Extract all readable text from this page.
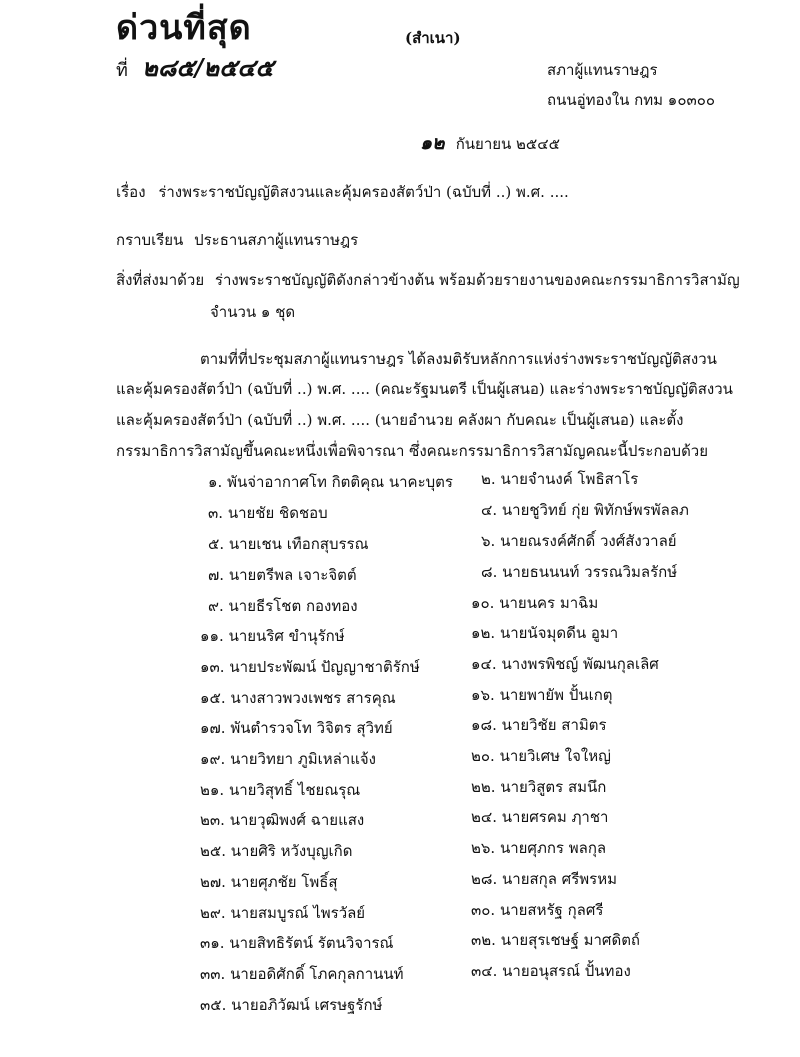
ด่วนที่สุด
ที่ ๒๘๕/๒๕๔๕
(สำเนา)
สภาผู้แทนราษฎร
ถนนอู่ทองใน กทม ๑๐๓๐๐
๑๒ กันยายน ๒๕๔๕
เรื่อง ร่างพระราชบัญญัติสงวนและคุ้มครองสัตว์ป่า (ฉบับที่ ..) พ.ศ. ....
กราบเรียน ประธานสภาผู้แทนราษฎร
สิ่งที่ส่งมาด้วย ร่างพระราชบัญญัติดังกล่าวข้างต้น พร้อมด้วยรายงานของคณะกรรมาธิการวิสามัญ
จำนวน ๑ ชุด
ตามที่ที่ประชุมสภาผู้แทนราษฎร ได้ลงมติรับหลักการแห่งร่างพระราชบัญญัติสงวน
และคุ้มครองสัตว์ป่า (ฉบับที่ ..) พ.ศ. .... (คณะรัฐมนตรี เป็นผู้เสนอ) และร่างพระราชบัญญัติสงวน
และคุ้มครองสัตว์ป่า (ฉบับที่ ..) พ.ศ. .... (นายอำนวย คลังผา กับคณะ เป็นผู้เสนอ) และตั้ง
กรรมาธิการวิสามัญขึ้นคณะหนึ่งเพื่อพิจารณา ซึ่งคณะกรรมาธิการวิสามัญคณะนี้ประกอบด้วย
๑. พันจ่าอากาศโท กิตติคุณ นาคะบุตร
๓. นายชัย ชิดชอบ
๕. นายเชน เทือกสุบรรณ
๗. นายตรีพล เจาะจิตต์
๙. นายธีรโชต กองทอง
๑๑. นายนริศ ขำนุรักษ์
๑๓. นายประพัฒน์ ปัญญาชาติรักษ์
๑๕. นางสาวพวงเพชร สารคุณ
๑๗. พันตำรวจโท วิจิตร สุวิทย์
๑๙. นายวิทยา ภูมิเหล่าแจ้ง
๒๑. นายวิสุทธิ์ ไชยณรุณ
๒๓. นายวุฒิพงศ์ ฉายแสง
๒๕. นายศิริ หวังบุญเกิด
๒๗. นายศุภชัย โพธิ์สุ
๒๙. นายสมบูรณ์ ไพรวัลย์
๓๑. นายสิทธิรัตน์ รัตนวิจารณ์
๓๓. นายอดิศักดิ์ โภคกุลกานนท์
๓๕. นายอภิวัฒน์ เศรษฐรักษ์
๒. นายจำนงค์ โพธิสาโร
๔. นายชูวิทย์ กุ่ย พิทักษ์พรพัลลภ
๖. นายณรงค์ศักดิ์ วงศ์สังวาลย์
๘. นายธนนนท์ วรรณวิมลรักษ์
๑๐. นายนคร มาฉิม
๑๒. นายนัจมุดดีน อูมา
๑๔. นางพรพิชญ์ พัฒนกุลเลิศ
๑๖. นายพายัพ ปั้นเกตุ
๑๘. นายวิชัย สามิตร
๒๐. นายวิเศษ ใจใหญ่
๒๒. นายวิสูตร สมนึก
๒๔. นายศรคม ฦาชา
๒๖. นายศุภกร พลกุล
๒๘. นายสกุล ศรีพรหม
๓๐. นายสหรัฐ กุลศรี
๓๒. นายสุรเชษฐ์ มาศดิตถ์
๓๔. นายอนุสรณ์ ปั้นทอง
